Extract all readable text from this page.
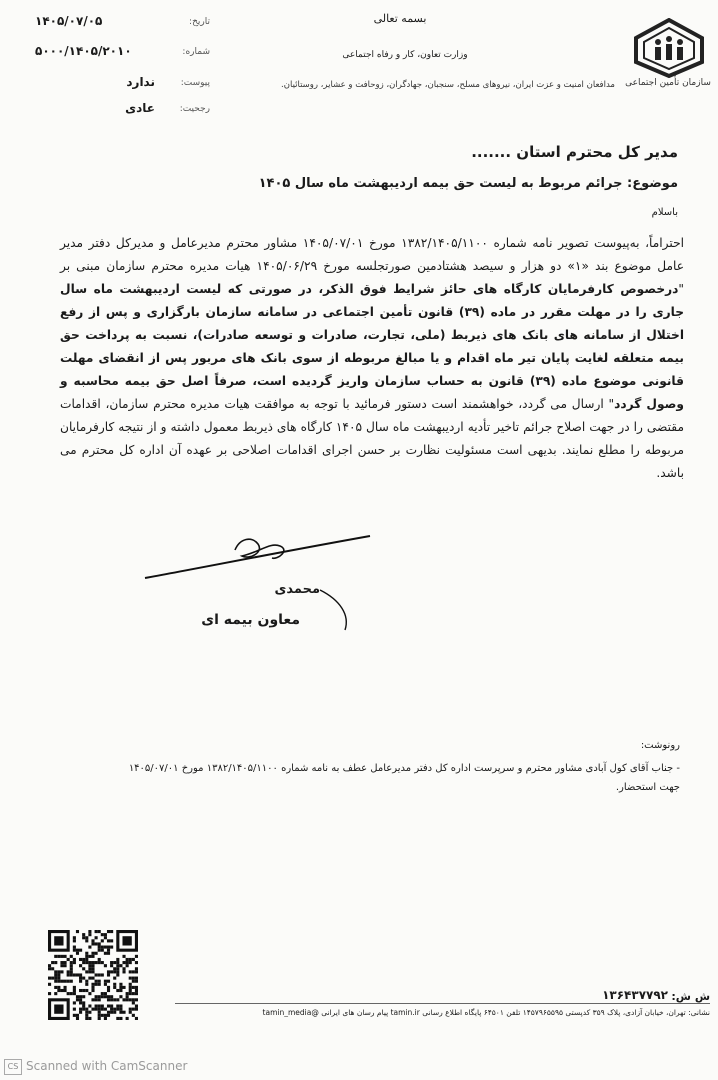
سازمان تأمین اجتماعی
بسمه تعالی
وزارت تعاون، کار و رفاه اجتماعی
مدافعان امنیت و عزت ایران، نیروهای مسلح، سنجبان، جهادگران، زوحافت و عشایر، روستائیان.
تاریخ:
۱۴۰۵/۰۷/۰۵
شماره:
۵۰۰۰/۱۴۰۵/۲۰۱۰
پیوست:
ندارد
رجحیت:
عادی
مدیر کل محترم استان .......
موضوع: جرائم مربوط به لیست حق بیمه اردیبهشت ماه سال ۱۴۰۵
باسلام
احتراماً، به‌پیوست تصویر نامه شماره ۱۳۸۲/۱۴۰۵/۱۱۰۰ مورخ ۱۴۰۵/۰۷/۰۱ مشاور محترم مدیرعامل و مدیرکل دفتر مدیر عامل موضوع بند «۱» دو هزار و سیصد هشتادمین صورتجلسه مورخ ۱۴۰۵/۰۶/۲۹ هیات مدیره محترم سازمان مبنی بر "درخصوص کارفرمایان کارگاه های حائز شرایط فوق الذکر، در صورتی که لیست اردیبهشت ماه سال جاری را در مهلت مقرر در ماده (۳۹) قانون تأمین اجتماعی در سامانه سازمان بارگزاری و پس از رفع اختلال از سامانه های بانک های ذیربط (ملی، تجارت، صادرات و توسعه صادرات)، نسبت به پرداخت حق بیمه متعلقه لغایت پایان تیر ماه اقدام و یا مبالغ مربوطه از سوی بانک های مربور پس از انقضای مهلت قانونی موضوع ماده (۳۹) قانون به حساب سازمان واریز گردیده است، صرفاً اصل حق بیمه محاسبه و وصول گردد" ارسال می گردد، خواهشمند است دستور فرمائید با توجه به موافقت هیات مدیره محترم سازمان، اقدامات مقتضی را در جهت اصلاح جرائم تاخیر تأدیه اردیبهشت ماه سال ۱۴۰۵ کارگاه های ذیربط معمول داشته و از نتیجه کارفرمایان مربوطه را مطلع نمایند. بدیهی است مسئولیت نظارت بر حسن اجرای اقدامات اصلاحی بر عهده آن اداره کل محترم می باشد.
محمدی
معاون بیمه ای
رونوشت:
- جناب آقای کول آبادی مشاور محترم و سرپرست اداره کل دفتر مدیرعامل عطف به نامه شماره ۱۳۸۲/۱۴۰۵/۱۱۰۰ مورخ ۱۴۰۵/۰۷/۰۱
جهت استحضار.
ش ش:
۱۳۶۴۳۷۷۹۲
نشانی: تهران، خیابان آزادی، پلاک ۳۵۹ کدپستی ۱۴۵۷۹۶۵۵۹۵ تلفن ۶۴۵۰۱ پایگاه اطلاع رسانی tamin.ir پیام رسان های ایرانی @tamin_media
CS Scanned with CamScanner
